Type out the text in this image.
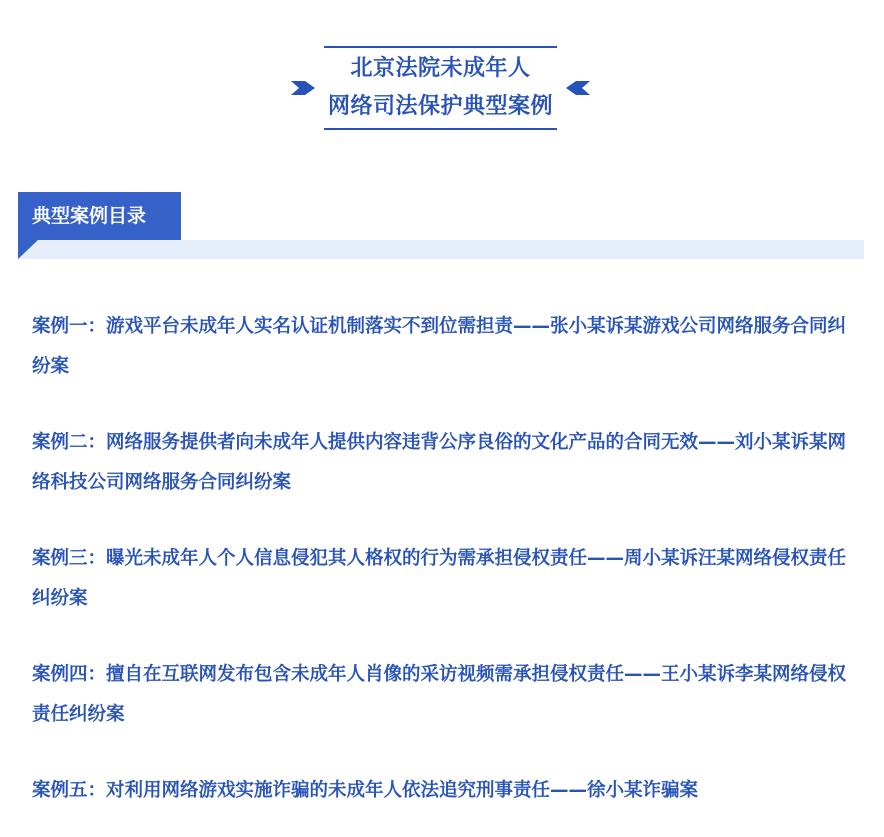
北京法院未成年人
网络司法保护典型案例
典型案例目录
案例一：游戏平台未成年人实名认证机制落实不到位需担责——张小某诉某游戏公司网络服务合同纠纷案
案例二：网络服务提供者向未成年人提供内容违背公序良俗的文化产品的合同无效——刘小某诉某网络科技公司网络服务合同纠纷案
案例三：曝光未成年人个人信息侵犯其人格权的行为需承担侵权责任——周小某诉汪某网络侵权责任纠纷案
案例四：擅自在互联网发布包含未成年人肖像的采访视频需承担侵权责任——王小某诉李某网络侵权责任纠纷案
案例五：对利用网络游戏实施诈骗的未成年人依法追究刑事责任——徐小某诈骗案
